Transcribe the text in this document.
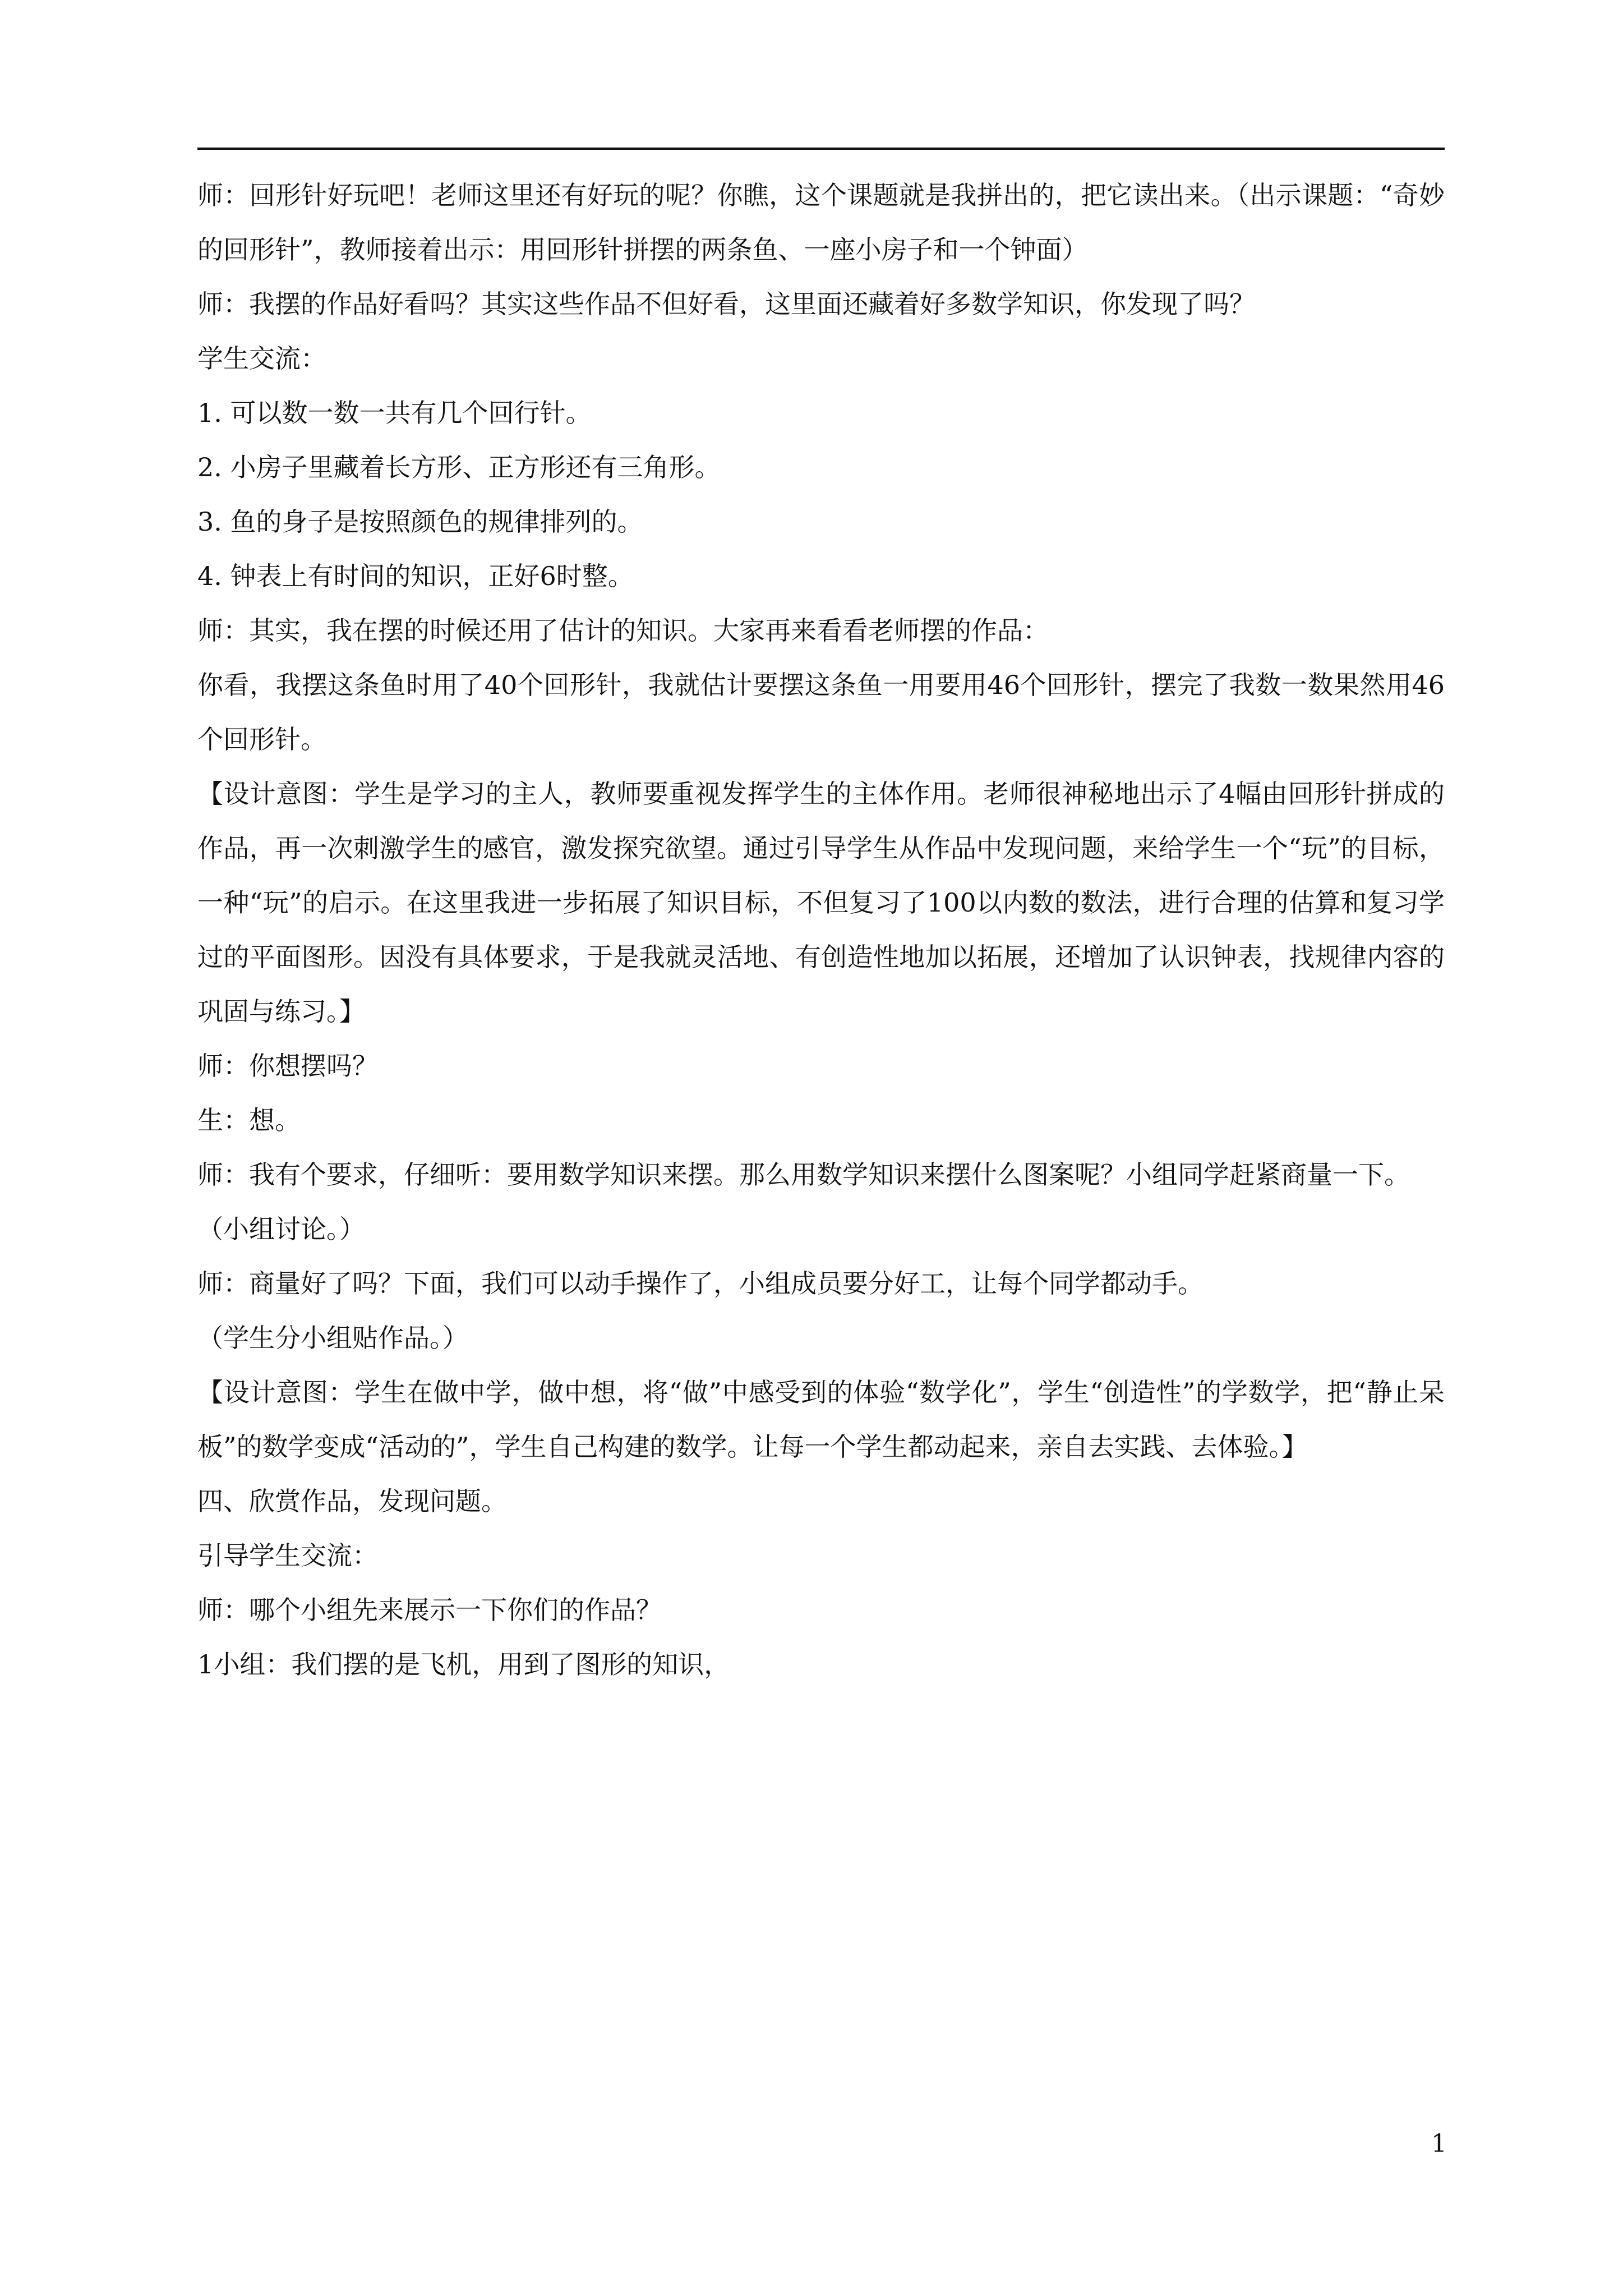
师：回形针好玩吧！老师这里还有好玩的呢？你瞧，这个课题就是我拼出的，把它读出来。（出示课题：“奇妙的回形针”，教师接着出示：用回形针拼摆的两条鱼、一座小房子和一个钟面）

师：我摆的作品好看吗？其实这些作品不但好看，这里面还藏着好多数学知识，你发现了吗？

学生交流：

1. 可以数一数一共有几个回行针。

2. 小房子里藏着长方形、正方形还有三角形。

3. 鱼的身子是按照颜色的规律排列的。

4. 钟表上有时间的知识，正好6时整。

师：其实，我在摆的时候还用了估计的知识。大家再来看看老师摆的作品：

你看，我摆这条鱼时用了40个回形针，我就估计要摆这条鱼一用要用46个回形针，摆完了我数一数果然用46个回形针。

【设计意图：学生是学习的主人，教师要重视发挥学生的主体作用。老师很神秘地出示了4幅由回形针拼成的作品，再一次刺激学生的感官，激发探究欲望。通过引导学生从作品中发现问题，来给学生一个“玩”的目标，一种“玩”的启示。在这里我进一步拓展了知识目标，不但复习了100以内数的数法，进行合理的估算和复习学过的平面图形。因没有具体要求，于是我就灵活地、有创造性地加以拓展，还增加了认识钟表，找规律内容的巩固与练习。】

师：你想摆吗？

生：想。

师：我有个要求，仔细听：要用数学知识来摆。那么用数学知识来摆什么图案呢？小组同学赶紧商量一下。

（小组讨论。）

师：商量好了吗？下面，我们可以动手操作了，小组成员要分好工，让每个同学都动手。

（学生分小组贴作品。）

【设计意图：学生在做中学，做中想，将“做”中感受到的体验“数学化”，学生“创造性”的学数学，把“静止呆板”的数学变成“活动的”，学生自己构建的数学。让每一个学生都动起来，亲自去实践、去体验。】

四、欣赏作品，发现问题。

引导学生交流：

师：哪个小组先来展示一下你们的作品？

1小组：我们摆的是飞机，用到了图形的知识，

1
